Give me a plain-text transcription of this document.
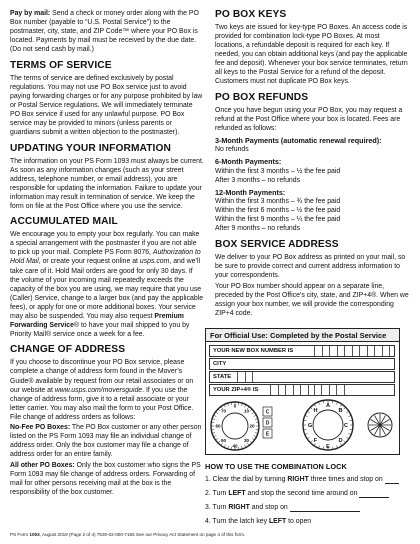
Pay by mail: Send a check or money order along with the PO Box number (payable to “U.S. Postal Service”) to the postmaster, city, state, and ZIP Code™ where your PO Box is located. Payments by mail must be received by the due date. (Do not send cash by mail.)

TERMS OF SERVICE

The terms of service are defined exclusively by postal regulations. You may not use PO Box service just to avoid paying forwarding charges or for any purpose prohibited by law or Postal Service regulations. We will immediately terminate PO Box service if used for any unlawful purpose. PO Box service may be provided to minors (unless parents or guardians submit a written objection to the postmaster).

UPDATING YOUR INFORMATION

The information on your PS Form 1093 must always be current. As soon as any information changes (such as your street address, telephone number, or email address), you are responsible for updating the information. Failure to update your information may result in termination of service. We keep the form on file at the Post Office where you use the service.

ACCUMULATED MAIL

We encourage you to empty your box regularly. You can make a special arrangement with the postmaster if you are not able to pick up your mail. Complete PS Form 8076, Authorization to Hold Mail, or create your request online at usps.com, and we’ll take care of it. Hold Mail orders are good for only 30 days. If the volume of your incoming mail repeatedly exceeds the capacity of the box you are using, we may require that you use (Caller) Service, change to a larger box (and pay the applicable fees), or apply for one or more additional boxes. Your service may also be suspended. You may also request Premium Forwarding Service® to have your mail shipped to you by Priority Mail® service once a week for a fee.

CHANGE OF ADDRESS

If you choose to discontinue your PO Box service, please complete a change of address form found in the Mover’s Guide® available by request from our retail associates or on our website at www.usps.com/moversguide. If you use the change of address form, give it to a retail associate or your letter carrier. You may also mail the form to your Post Office. File change of address orders as follows:

No-Fee PO Boxes: The PO Box customer or any other person listed on the PS Form 1093 may file an individual change of address order. Only the box customer may file a change of address order for an entire family.

All other PO Boxes: Only the box customer who signs the PS Form 1093 may file change of address orders. Forwarding of mail for other persons receiving mail at the box is the responsibility of the box customer.

PO BOX KEYS

Two keys are issued for key-type PO Boxes. An access code is provided for combination lock-type PO Boxes. At most locations, a refundable deposit is required for each key. If needed, you can obtain additional keys (and pay the applicable fee and deposit). Whenever your box service terminates, return all keys to the Postal Service for a refund of the deposit. Customers must not duplicate PO Box keys.

PO BOX REFUNDS

Once you have begun using your PO Box, you may request a refund at the Post Office where your box is located. Fees are refunded as follows:

3-Month Payments (automatic renewal required):
No refunds
6-Month Payments:
Within the first 3 months – ½ the fee paid
After 3 months – no refunds
12-Month Payments:
Within the first 3 months – ¾ the fee paid
Within the first 6 months – ½ the fee paid
Within the first 9 months – ¼ the fee paid
After 9 months – no refunds
BOX SERVICE ADDRESS

We deliver to your PO Box address as printed on your mail, so be sure to provide correct and current address information to your correspondents.

Your PO Box number should appear on a separate line, preceded by the Post Office’s city, state, and ZIP+4®. When we assign your box number, we will provide the corresponding ZIP+4 code.

For Official Use: Completed by the Postal Service
YOUR NEW BOX NUMBER IS
CITY
STATE
YOUR ZIP+4® IS
0
10
20
30
40
50
60
70	C
D
E
A
B
C
D
E
F
G
H
HOW TO USE THE COMBINATION LOCK
1. Clear the dial by turning RIGHT three times and stop on
2. Turn LEFT and stop the second time around on
3. Turn RIGHT and stop on
4. Turn the latch key LEFT to open
PS Form 1093, August 2019 (Page 2 of 4) 7530-02-000-7165 See our Privacy Act Statement on page 4 of this form.
